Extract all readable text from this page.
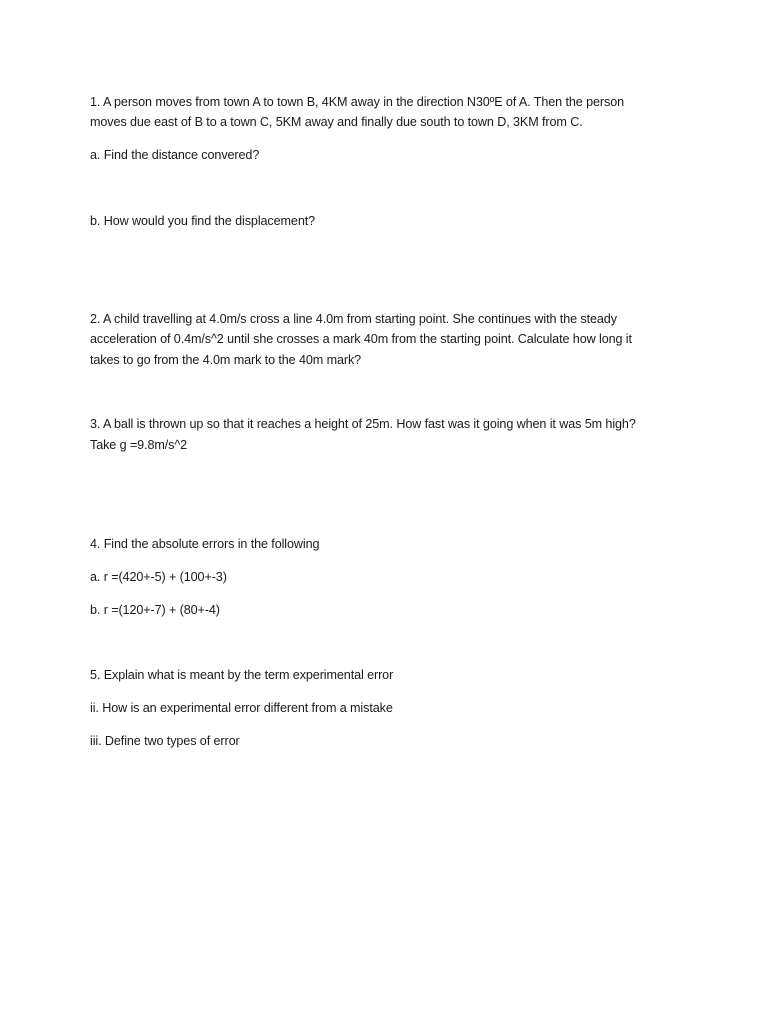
1. A person moves from town A to town B, 4KM away in the direction N30ºE of A. Then the person
moves due east of B to a town C, 5KM away and finally due south to town D, 3KM from C.
a. Find the distance convered?
b. How would you find the displacement?
2. A child travelling at 4.0m/s cross a line 4.0m from starting point. She continues with the steady
acceleration of 0.4m/s^2 until she crosses a mark 40m from the starting point. Calculate how long it
takes to go from the 4.0m mark to the 40m mark?
3. A ball is thrown up so that it reaches a height of 25m. How fast was it going when it was 5m high?
Take g =9.8m/s^2
4. Find the absolute errors in the following
a. r =(420+-5) + (100+-3)
b. r =(120+-7) + (80+-4)
5. Explain what is meant by the term experimental error
ii. How is an experimental error different from a mistake
iii. Define two types of error
